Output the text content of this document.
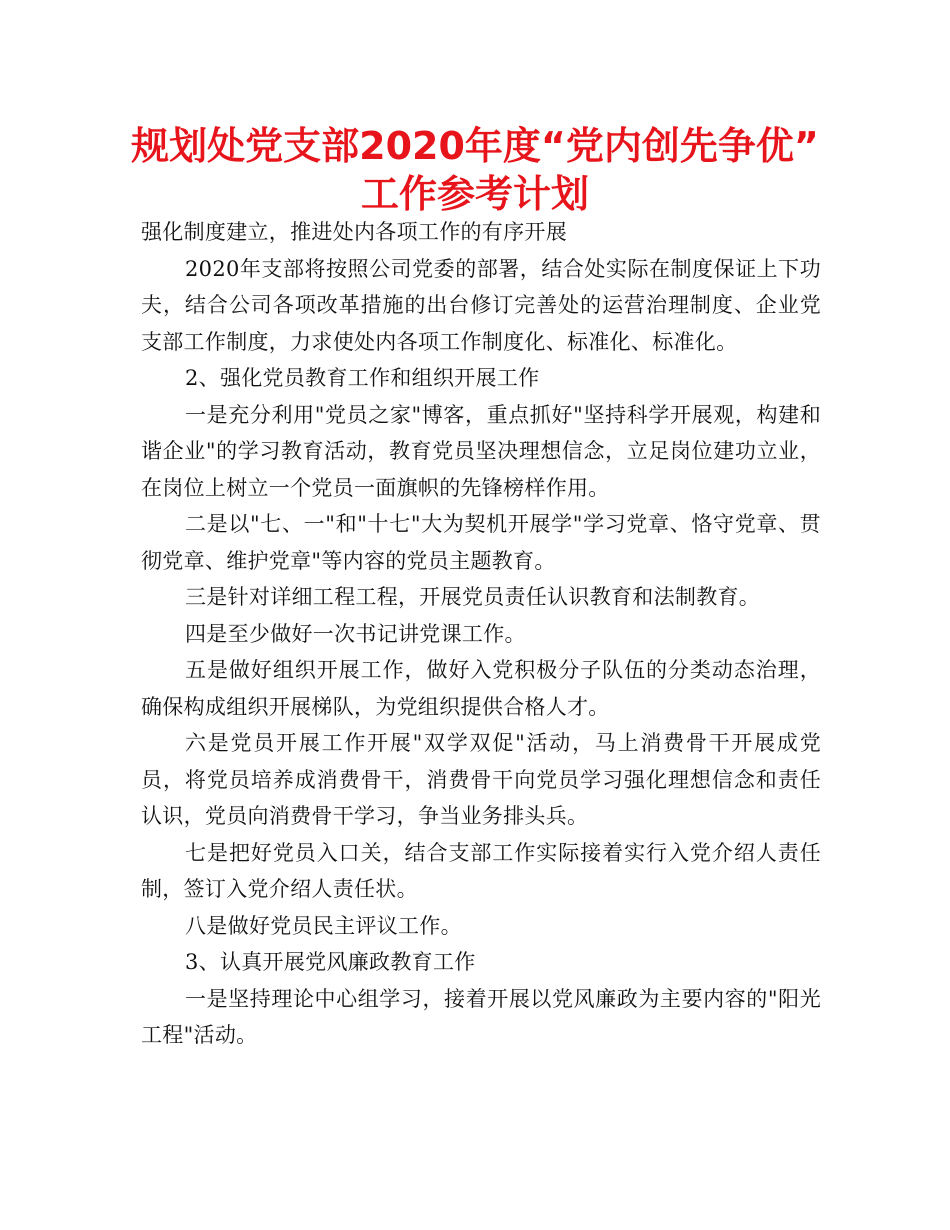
规划处党支部2020年度“党内创先争优”
工作参考计划

强化制度建立，推进处内各项工作的有序开展

2020年支部将按照公司党委的部署，结合处实际在制度保证上下功夫，结合公司各项改革措施的出台修订完善处的运营治理制度、企业党支部工作制度，力求使处内各项工作制度化、标准化、标准化。

2、强化党员教育工作和组织开展工作

一是充分利用"党员之家"博客，重点抓好"坚持科学开展观，构建和谐企业"的学习教育活动，教育党员坚决理想信念，立足岗位建功立业，在岗位上树立一个党员一面旗帜的先锋榜样作用。

二是以"七、一"和"十七"大为契机开展学"学习党章、恪守党章、贯彻党章、维护党章"等内容的党员主题教育。

三是针对详细工程工程，开展党员责任认识教育和法制教育。

四是至少做好一次书记讲党课工作。

五是做好组织开展工作，做好入党积极分子队伍的分类动态治理，确保构成组织开展梯队，为党组织提供合格人才。

六是党员开展工作开展"双学双促"活动，马上消费骨干开展成党员，将党员培养成消费骨干，消费骨干向党员学习强化理想信念和责任认识，党员向消费骨干学习，争当业务排头兵。

七是把好党员入口关，结合支部工作实际接着实行入党介绍人责任制，签订入党介绍人责任状。

八是做好党员民主评议工作。

3、认真开展党风廉政教育工作

一是坚持理论中心组学习，接着开展以党风廉政为主要内容的"阳光工程"活动。
